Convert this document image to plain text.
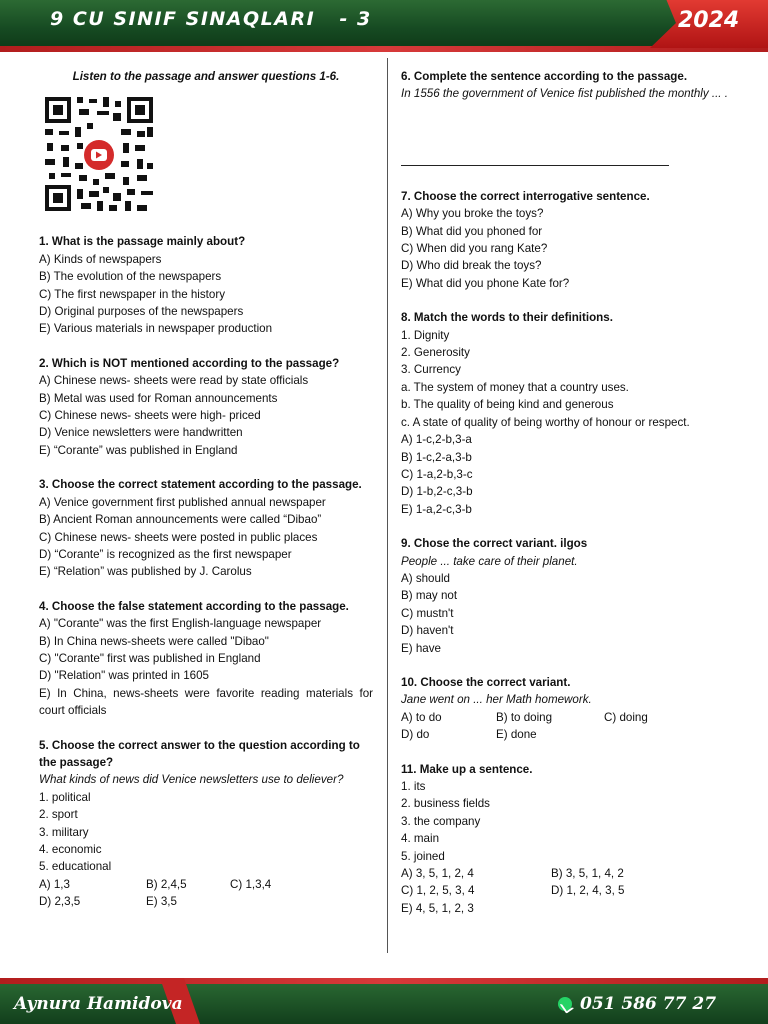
9 CU SINIF SINAQLARI   - 3	2024

Listen to the passage and answer questions 1-6.

1. What is the passage mainly about?

A) Kinds of newspapers

B) The evolution of the newspapers

C) The first newspaper in the history

D) Original purposes of the newspapers

E) Various materials in newspaper production

2. Which is NOT mentioned according to the passage?

A) Chinese news- sheets were read by state officials

B) Metal was used for Roman announcements

C) Chinese news- sheets were high- priced

D) Venice newsletters were handwritten

E) “Corante” was published in England

3. Choose the correct statement according to the passage.

A) Venice government first published annual newspaper

B) Ancient Roman announcements were called “Dibao”

C) Chinese news- sheets were posted in public places

D) “Corante” is recognized as the first newspaper

E) “Relation” was published by J. Carolus

4. Choose the false statement according to the passage.

A) "Corante" was the first English-language newspaper

B) In China news-sheets were called "Dibao"

C) "Corante" first was published in England

D) "Relation" was printed in 1605

E) In China, news-sheets were favorite reading materials for court officials

5. Choose the correct answer to the question according to the passage?

What kinds of news did Venice newsletters use to deliever?

1. political

2. sport

3. military

4. economic

5. educational

A) 1,3	B) 2,4,5	C) 1,3,4
D) 2,3,5	E) 3,5

6. Complete the sentence according to the passage.

In 1556 the government of Venice fist published the monthly ... .

7. Choose the correct interrogative sentence.

A) Why you broke the toys?

B) What did you phoned for

C) When did you rang Kate?

D) Who did break the toys?

E) What did you phone Kate for?

8. Match the words to their definitions.

1. Dignity

2. Generosity

3. Currency

a. The system of money that a country uses.

b. The quality of being kind and generous

c. A state of quality of being worthy of honour or respect.

A) 1-c,2-b,3-a

B) 1-c,2-a,3-b

C) 1-a,2-b,3-c

D) 1-b,2-c,3-b

E) 1-a,2-c,3-b

9. Chose the correct variant. ilgos

People ... take care of their planet.

A) should

B) may not

C) mustn't

D) haven't

E) have

10. Choose the correct variant.

Jane went on ... her Math homework.

A) to do	B) to doing	C) doing
D) do	E) done

11. Make up a sentence.

1. its

2. business fields

3. the company

4. main

5. joined

A) 3, 5, 1, 2, 4	B) 3, 5, 1, 4, 2
C) 1, 2, 5, 3, 4	D) 1, 2, 4, 3, 5
E) 4, 5, 1, 2, 3
Aynura Hamidova	051 586 77 27
